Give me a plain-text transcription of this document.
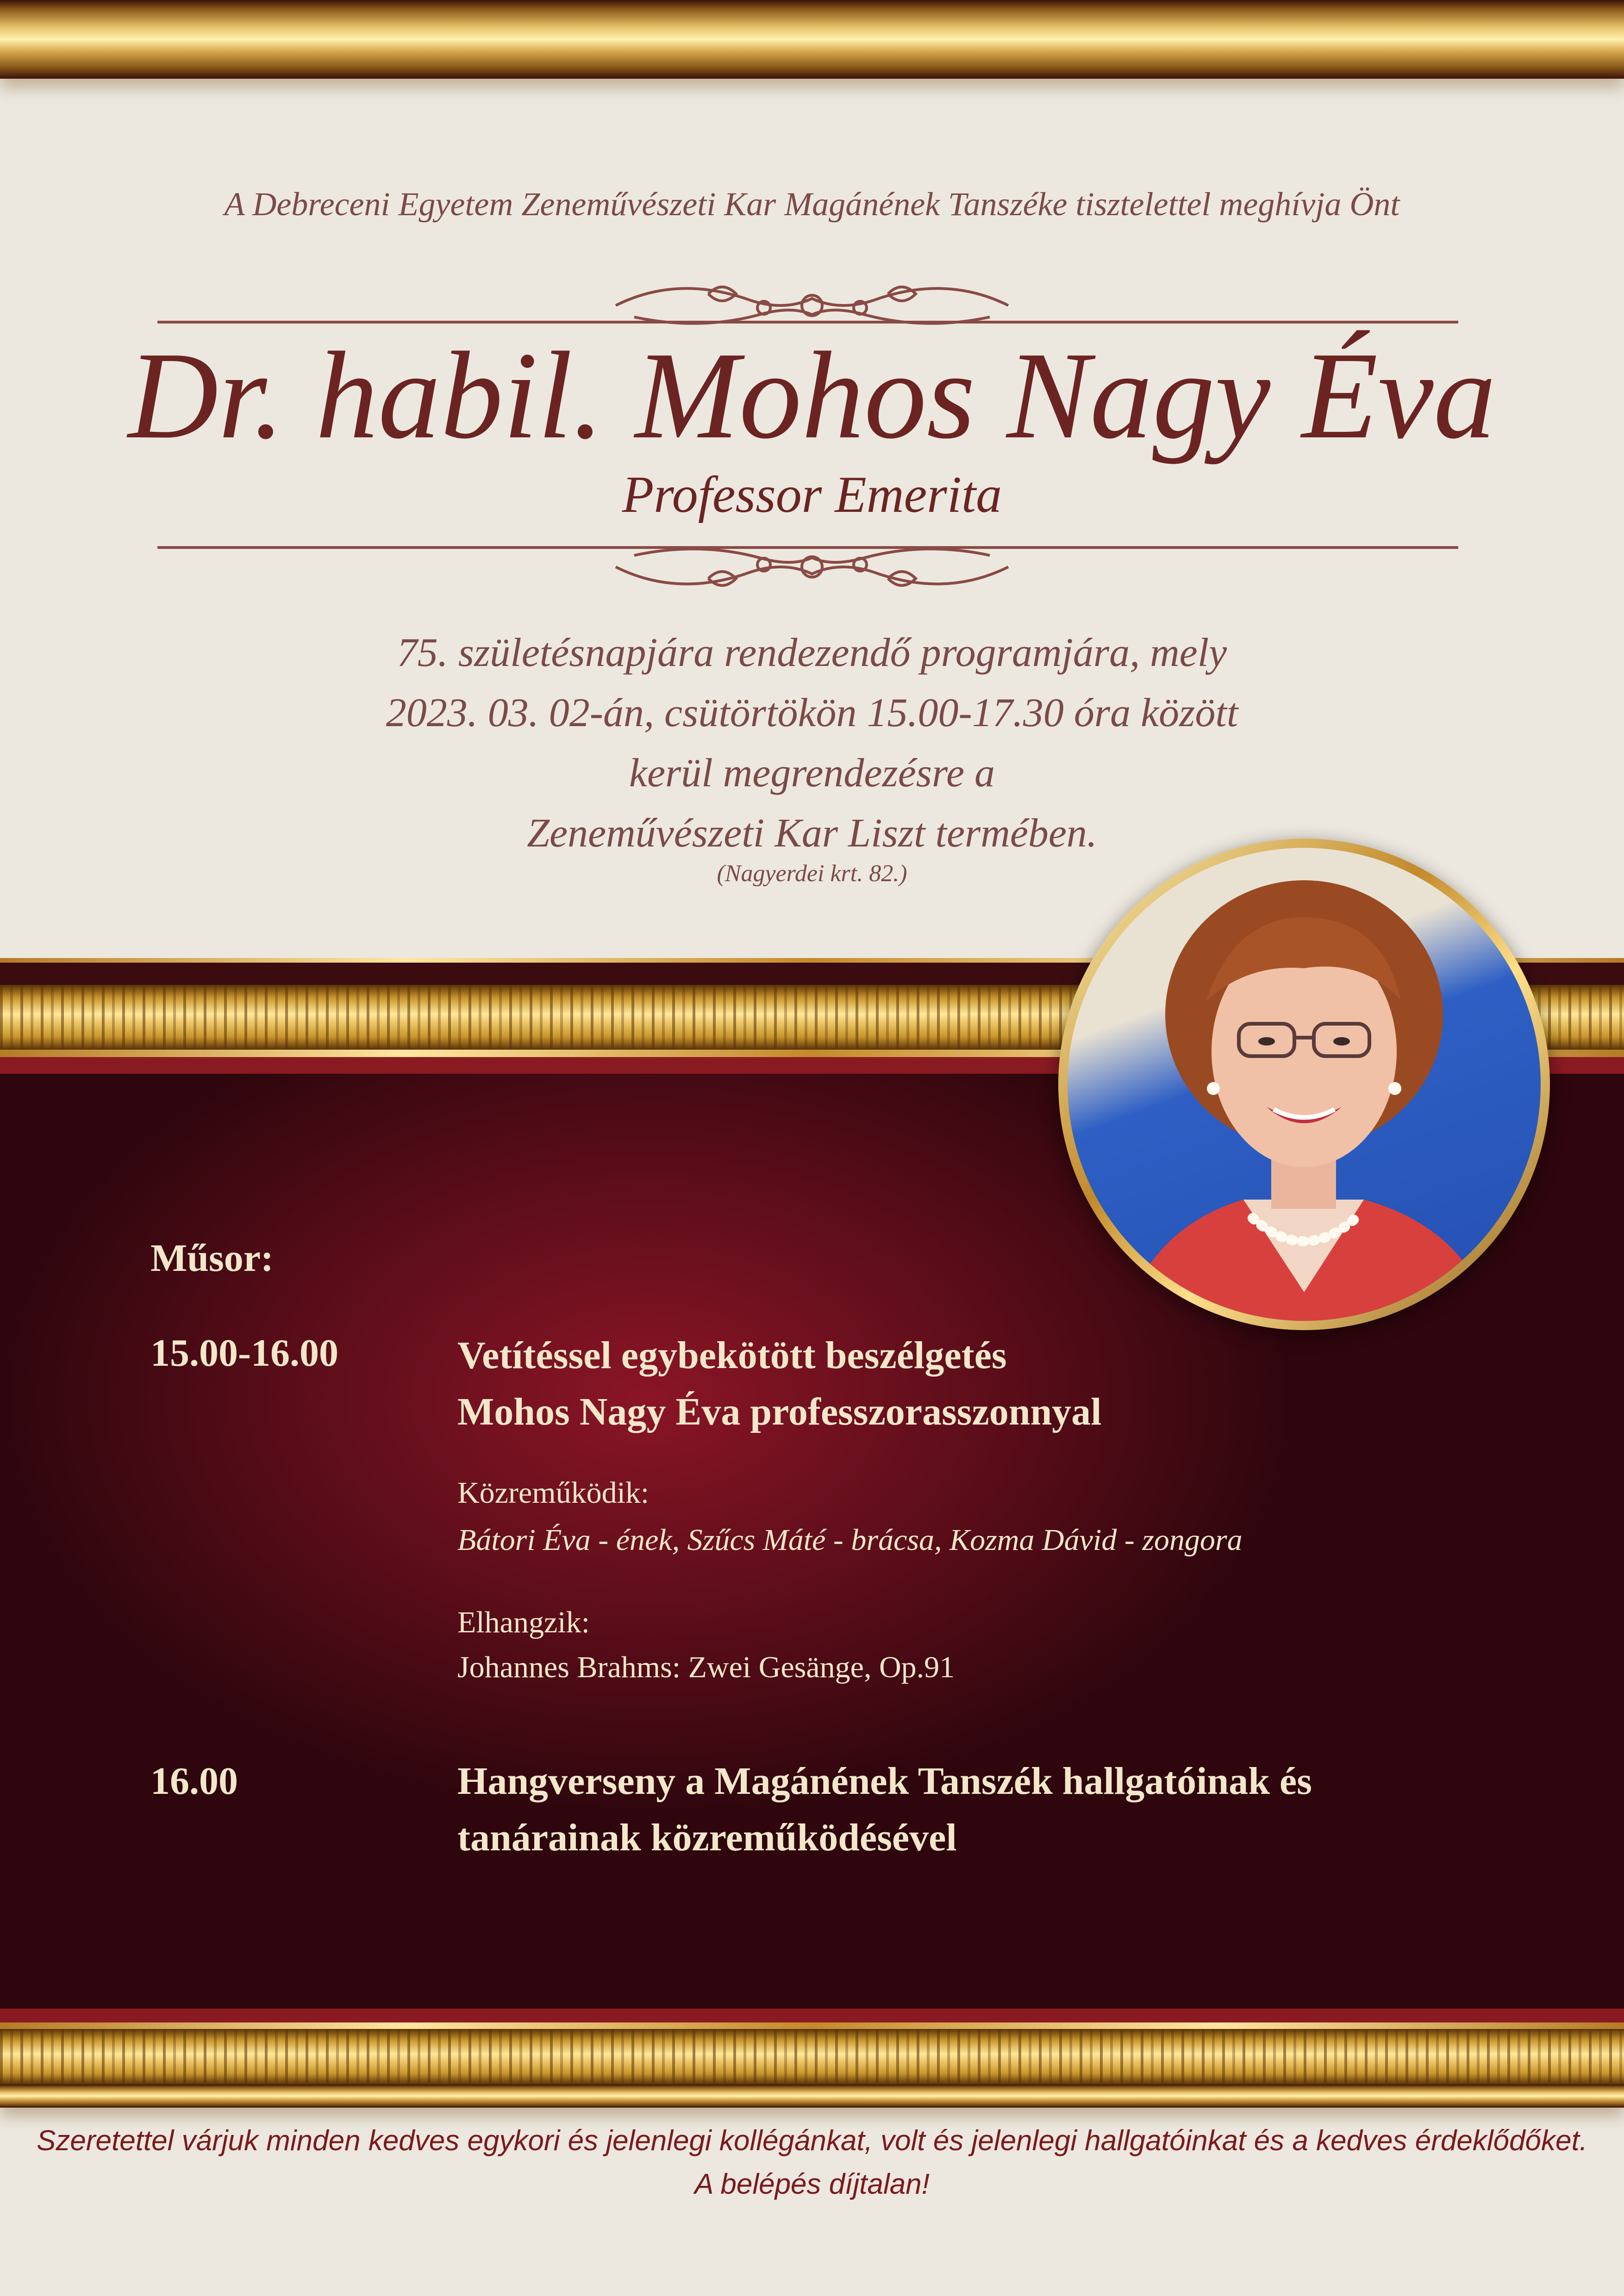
A Debreceni Egyetem Zeneművészeti Kar Magánének Tanszéke tisztelettel meghívja Önt
Dr. habil. Mohos Nagy Éva
Professor Emerita
75. születésnapjára rendezendő programjára, mely
2023. 03. 02-án, csütörtökön 15.00-17.30 óra között
kerül megrendezésre a
Zeneművészeti Kar Liszt termében.
(Nagyerdei krt. 82.)
Műsor:
15.00-16.00	Vetítéssel egybekötött beszélgetés
Mohos Nagy Éva professzorasszonnyal
Közreműködik:
Bátori Éva - ének, Szűcs Máté - brácsa, Kozma Dávid - zongora
Elhangzik:
Johannes Brahms: Zwei Gesänge, Op.91
16.00	Hangverseny a Magánének Tanszék hallgatóinak és
tanárainak közreműködésével
Szeretettel várjuk minden kedves egykori és jelenlegi kollégánkat, volt és jelenlegi hallgatóinkat és a kedves érdeklődőket.
A belépés díjtalan!
